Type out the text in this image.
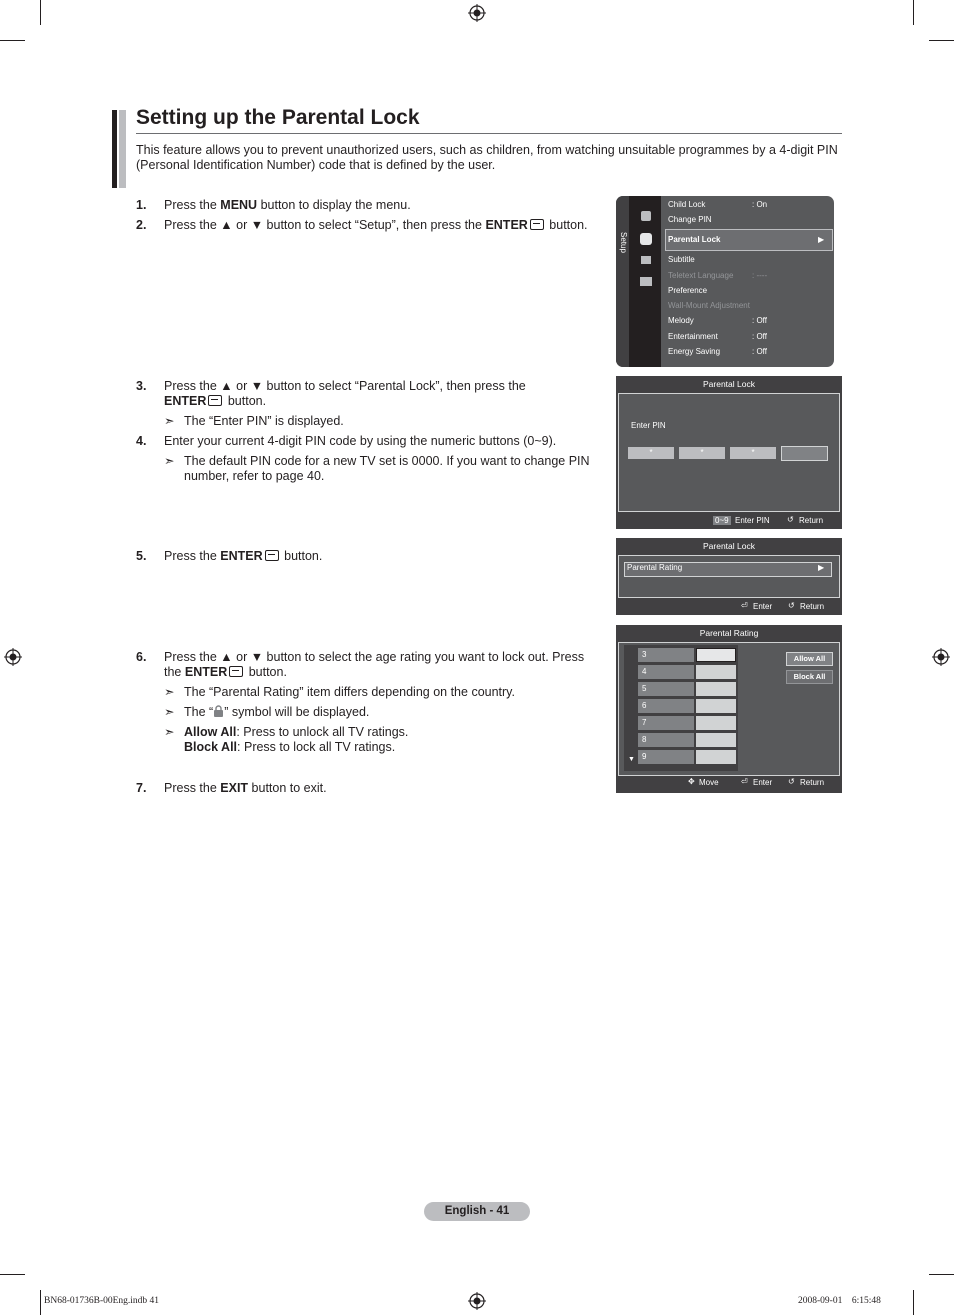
Setting up the Parental Lock
This feature allows you to prevent unauthorized users, such as children, from watching unsuitable programmes by a 4-digit PIN (Personal Identification Number) code that is defined by the user.
1. Press the MENU button to display the menu.
2. Press the ▲ or ▼ button to select “Setup”, then press the ENTER button.
3. Press the ▲ or ▼ button to select “Parental Lock”, then press the
ENTER button.
➣ The “Enter PIN” is displayed.
4. Enter your current 4-digit PIN code by using the numeric buttons (0~9).
➣ The default PIN code for a new TV set is 0000. If you want to change PIN
number, refer to page 40.
5. Press the ENTER button.
6. Press the ▲ or ▼ button to select the age rating you want to lock out. Press
the ENTER button.
➣ The “Parental Rating” item differs depending on the country.
➣ The “ ” symbol will be displayed.
➣ Allow All: Press to unlock all TV ratings.
Block All: Press to lock all TV ratings.
7. Press the EXIT button to exit.
Setup
Child Lock	: On
Change PIN
Parental Lock	▶
Subtitle
Teletext Language : ----
Preference
Wall-Mount Adjustment
Melody	: Off
Entertainment	: Off
Energy Saving	: Off
Parental Lock
Enter PIN
*	*	*
0~9 Enter PIN ↺ Return
Parental Lock
Parental Rating	▶
⏎ Enter ↺ Return
Parental Rating
▼
3
4
5
6
7
8
9
Allow All
Block All
✥ Move	⏎ Enter ↺ Return
English - 41
BN68-01736B-00Eng.indb 41	2008-09-01    6:15:48
